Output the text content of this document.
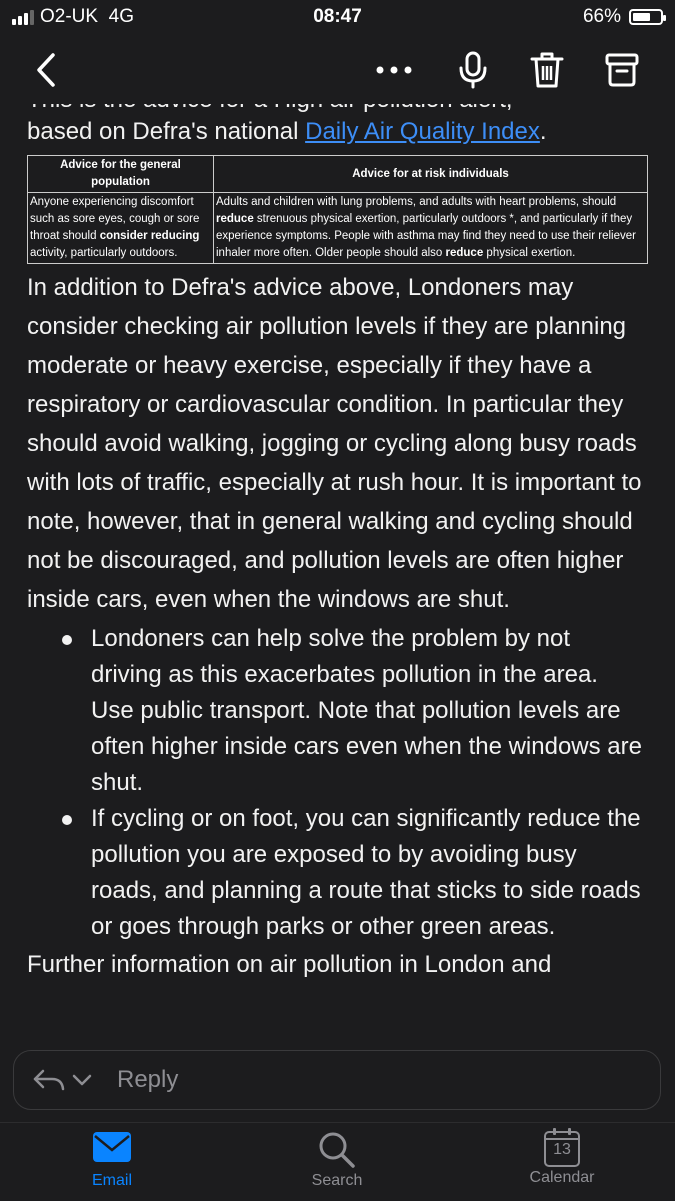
O2-UK  4G	08:47	66%

based on Defra's national Daily Air Quality Index.

Advice for the general population	Advice for at risk individuals
Anyone experiencing discomfort such as sore eyes, cough or sore throat should consider reducing activity, particularly outdoors.	Adults and children with lung problems, and adults with heart problems, should reduce strenuous physical exertion, particularly outdoors *, and particularly if they experience symptoms. People with asthma may find they need to use their reliever inhaler more often. Older people should also reduce physical exertion.

In addition to Defra's advice above, Londoners may consider checking air pollution levels if they are planning moderate or heavy exercise, especially if they have a respiratory or cardiovascular condition. In particular they should avoid walking, jogging or cycling along busy roads with lots of traffic, especially at rush hour. It is important to note, however, that in general walking and cycling should not be discouraged, and pollution levels are often higher inside cars, even when the windows are shut.

Londoners can help solve the problem by not driving as this exacerbates pollution in the area. Use public transport. Note that pollution levels are often higher inside cars even when the windows are shut.
If cycling or on foot, you can significantly reduce the pollution you are exposed to by avoiding busy roads, and planning a route that sticks to side roads or goes through parks or other green areas.

Further information on air pollution in London and

Reply
Email	Search
13
Calendar
